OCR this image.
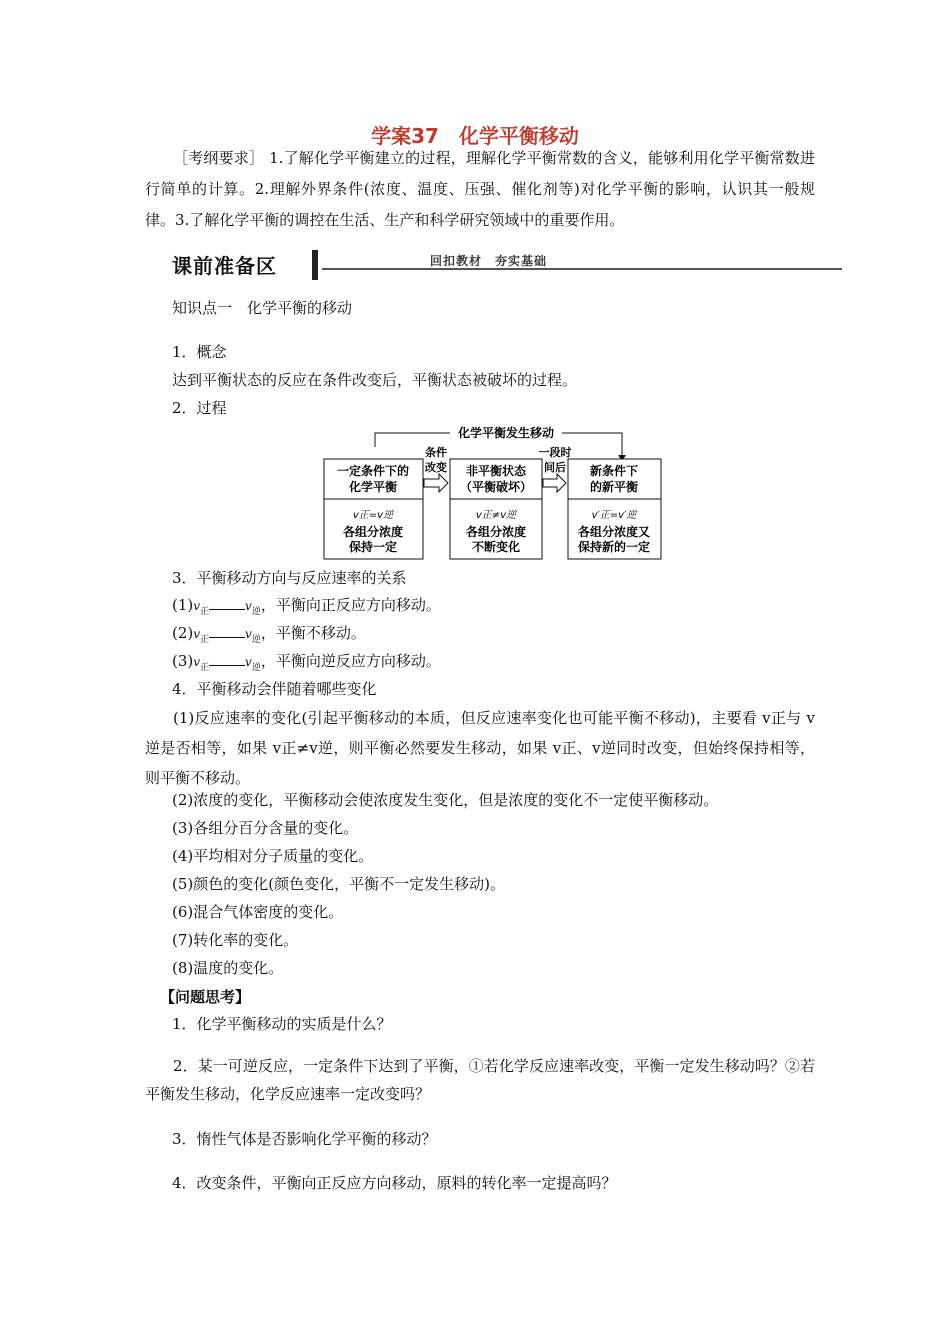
学案37　化学平衡移动
［考纲要求］ 1.了解化学平衡建立的过程，理解化学平衡常数的含义，能够利用化学平衡常数进行简单的计算。2.理解外界条件(浓度、温度、压强、催化剂等)对化学平衡的影响，认识其一般规律。3.了解化学平衡的调控在生活、生产和科学研究领域中的重要作用。
课前准备区	回扣教材　夯实基础
知识点一　化学平衡的移动
1．概念
达到平衡状态的反应在条件改变后，平衡状态被破坏的过程。
2．过程
化学平衡发生移动
条件
改变
一段时
间后
一定条件下的
化学平衡
v正=v逆
各组分浓度
保持一定
非平衡状态
（平衡破坏）
v正≠v逆
各组分浓度
不断变化
新条件下
的新平衡
v′正=v′逆
各组分浓度又
保持新的一定
3．平衡移动方向与反应速率的关系
$(1)v_正$	$v_逆$，平衡向正反应方向移动。
$(2)v_正$	$v_逆$，平衡不移动。
$(3)v_正$	$v_逆$，平衡向逆反应方向移动。
4．平衡移动会伴随着哪些变化
(1)反应速率的变化(引起平衡移动的本质，但反应速率变化也可能平衡不移动)，主要看 v正与 v逆是否相等，如果 v正≠v逆，则平衡必然要发生移动，如果 v正、v逆同时改变，但始终保持相等，则平衡不移动。
(2)浓度的变化，平衡移动会使浓度发生变化，但是浓度的变化不一定使平衡移动。
(3)各组分百分含量的变化。
(4)平均相对分子质量的变化。
(5)颜色的变化(颜色变化，平衡不一定发生移动)。
(6)混合气体密度的变化。
(7)转化率的变化。
(8)温度的变化。
【问题思考】
1．化学平衡移动的实质是什么？
2．某一可逆反应，一定条件下达到了平衡，①若化学反应速率改变，平衡一定发生移动吗？②若平衡发生移动，化学反应速率一定改变吗？
3．惰性气体是否影响化学平衡的移动？
4．改变条件，平衡向正反应方向移动，原料的转化率一定提高吗？
